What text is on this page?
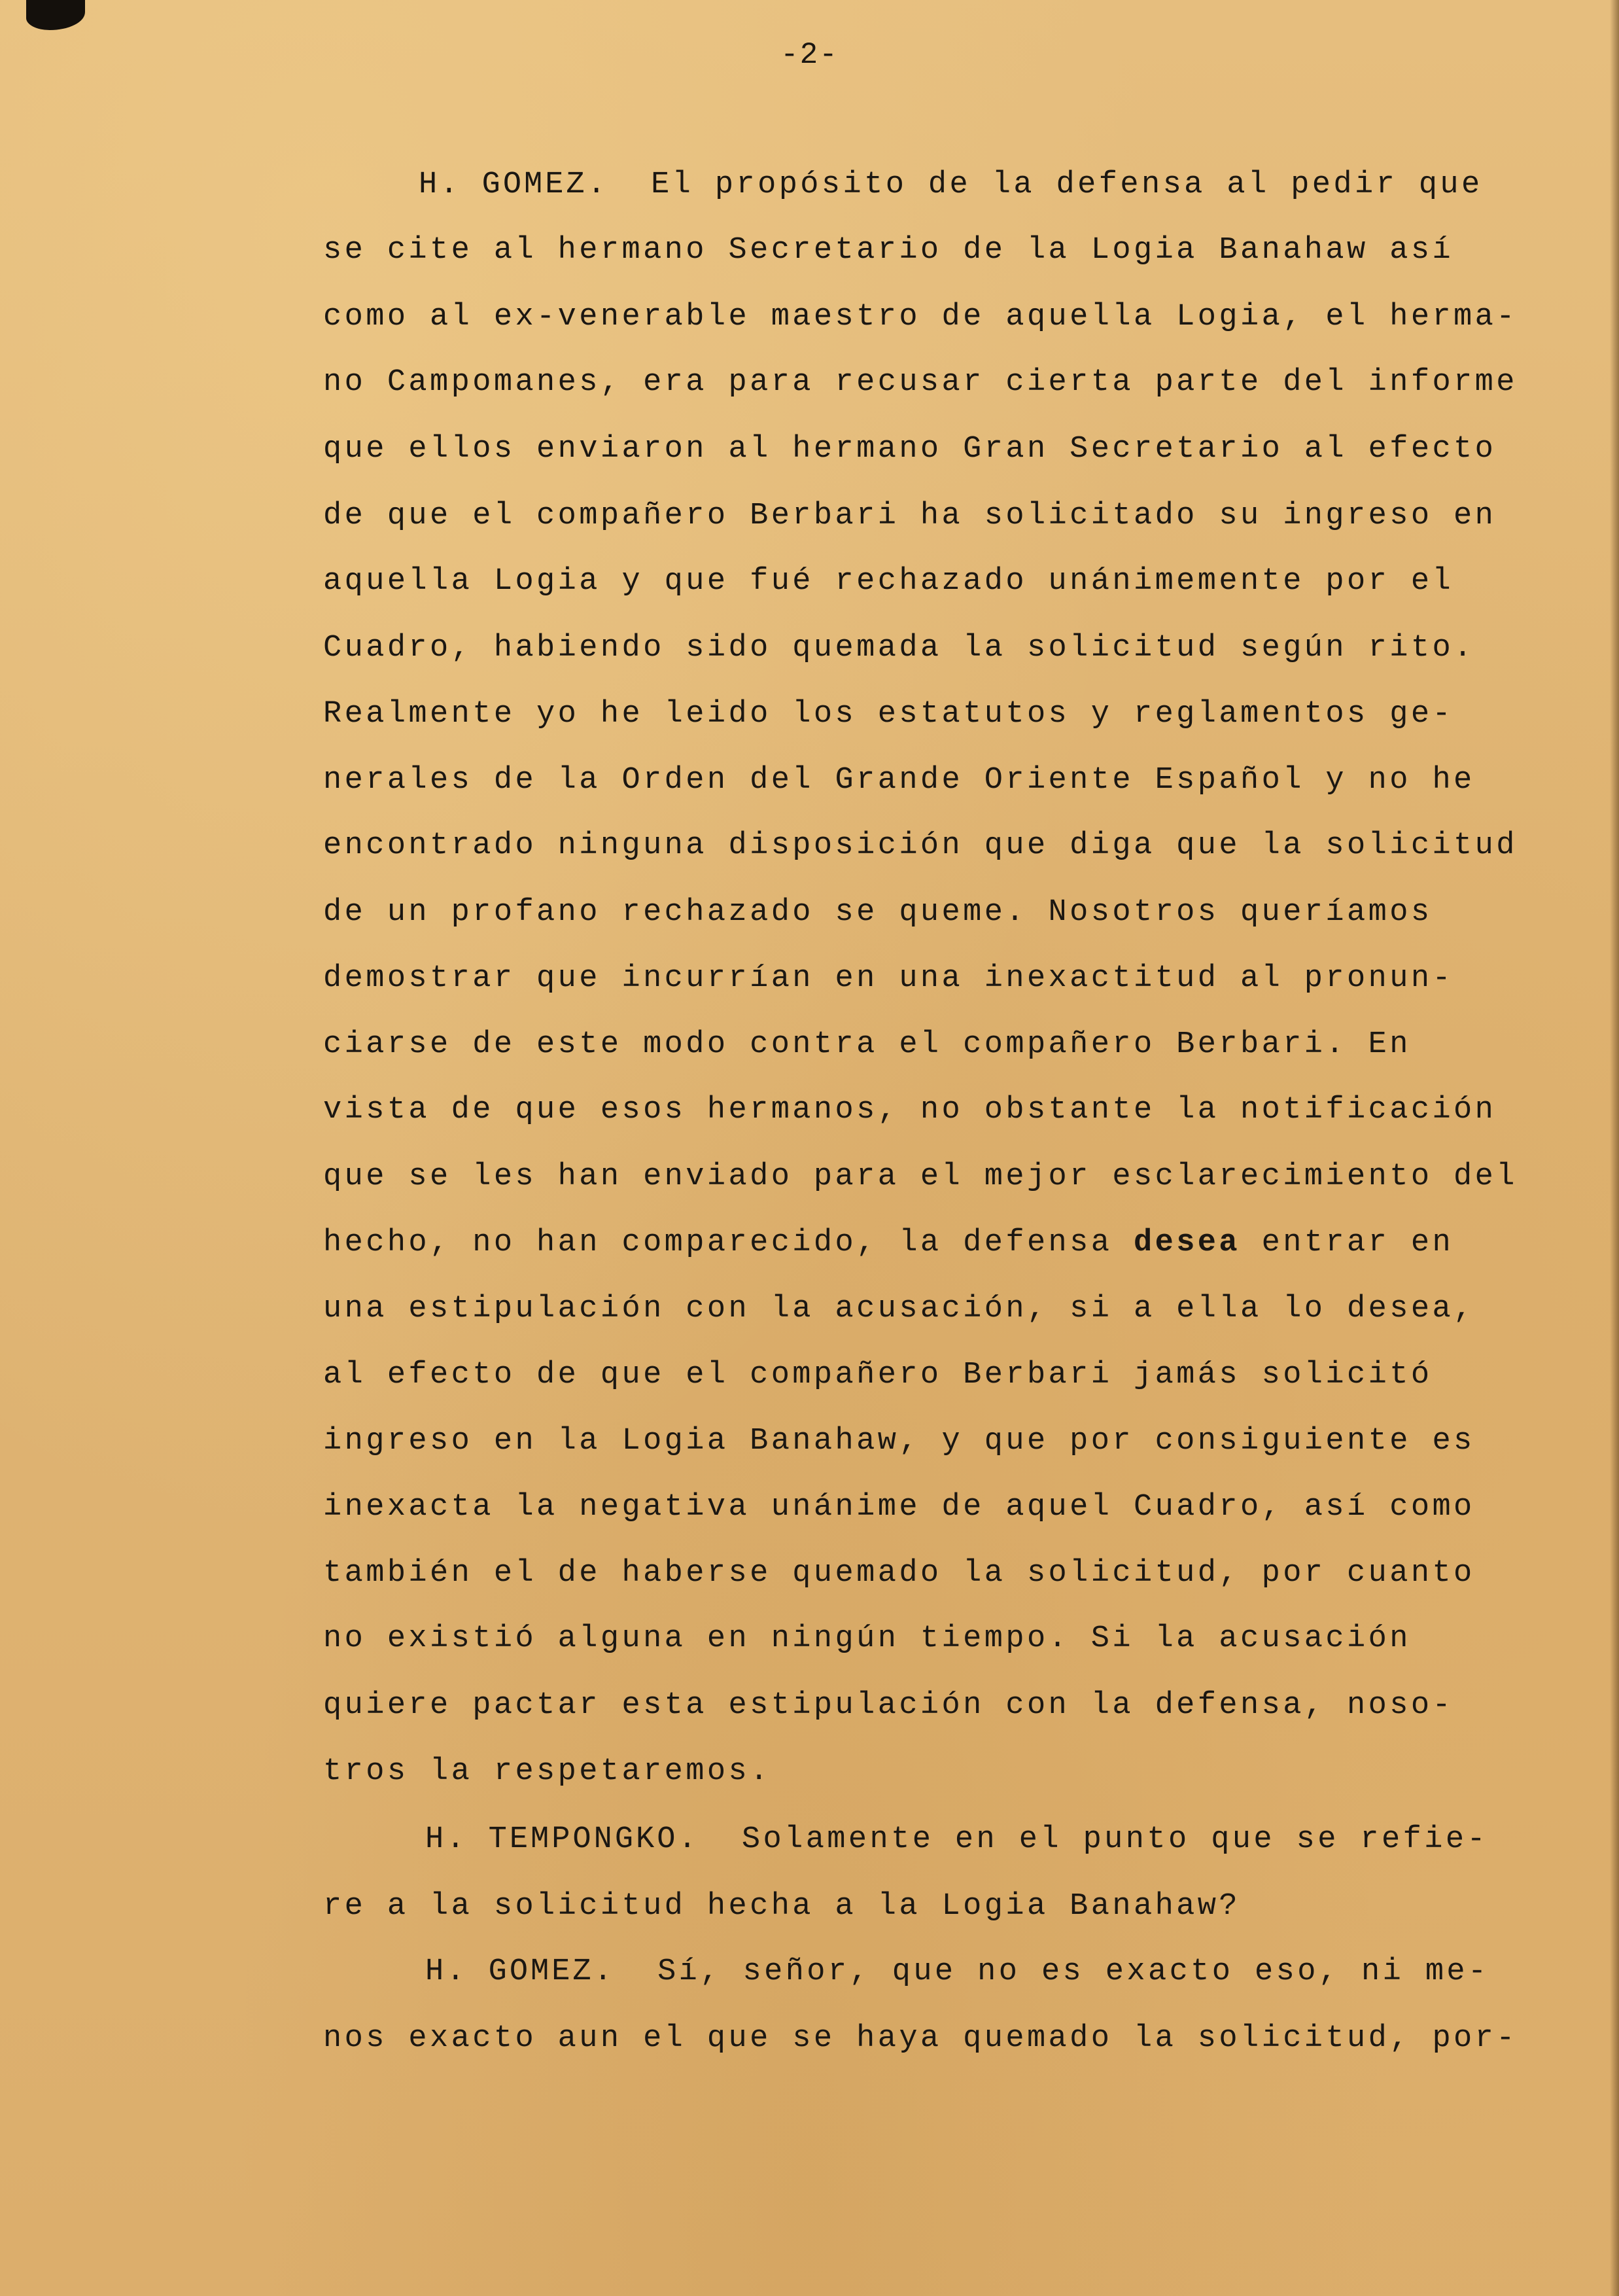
-2-
H. GOMEZ. El propósito de la defensa al pedir que
se cite al hermano Secretario de la Logia Banahaw así
como al ex-venerable maestro de aquella Logia, el herma-
no Campomanes, era para recusar cierta parte del informe
que ellos enviaron al hermano Gran Secretario al efecto
de que el compañero Berbari ha solicitado su ingreso en
aquella Logia y que fué rechazado unánimemente por el
Cuadro, habiendo sido quemada la solicitud según rito.
Realmente yo he leido los estatutos y reglamentos ge-
nerales de la Orden del Grande Oriente Español y no he
encontrado ninguna disposición que diga que la solicitud
de un profano rechazado se queme. Nosotros queríamos
demostrar que incurrían en una inexactitud al pronun-
ciarse de este modo contra el compañero Berbari. En
vista de que esos hermanos, no obstante la notificación
que se les han enviado para el mejor esclarecimiento del
hecho, no han comparecido, la defensa desea entrar en
una estipulación con la acusación, si a ella lo desea,
al efecto de que el compañero Berbari jamás solicitó
ingreso en la Logia Banahaw, y que por consiguiente es
inexacta la negativa unánime de aquel Cuadro, así como
también el de haberse quemado la solicitud, por cuanto
no existió alguna en ningún tiempo. Si la acusación
quiere pactar esta estipulación con la defensa, noso-
tros la respetaremos.
H. TEMPONGKO. Solamente en el punto que se refie-
re a la solicitud hecha a la Logia Banahaw?
H. GOMEZ. Sí, señor, que no es exacto eso, ni me-
nos exacto aun el que se haya quemado la solicitud, por-
